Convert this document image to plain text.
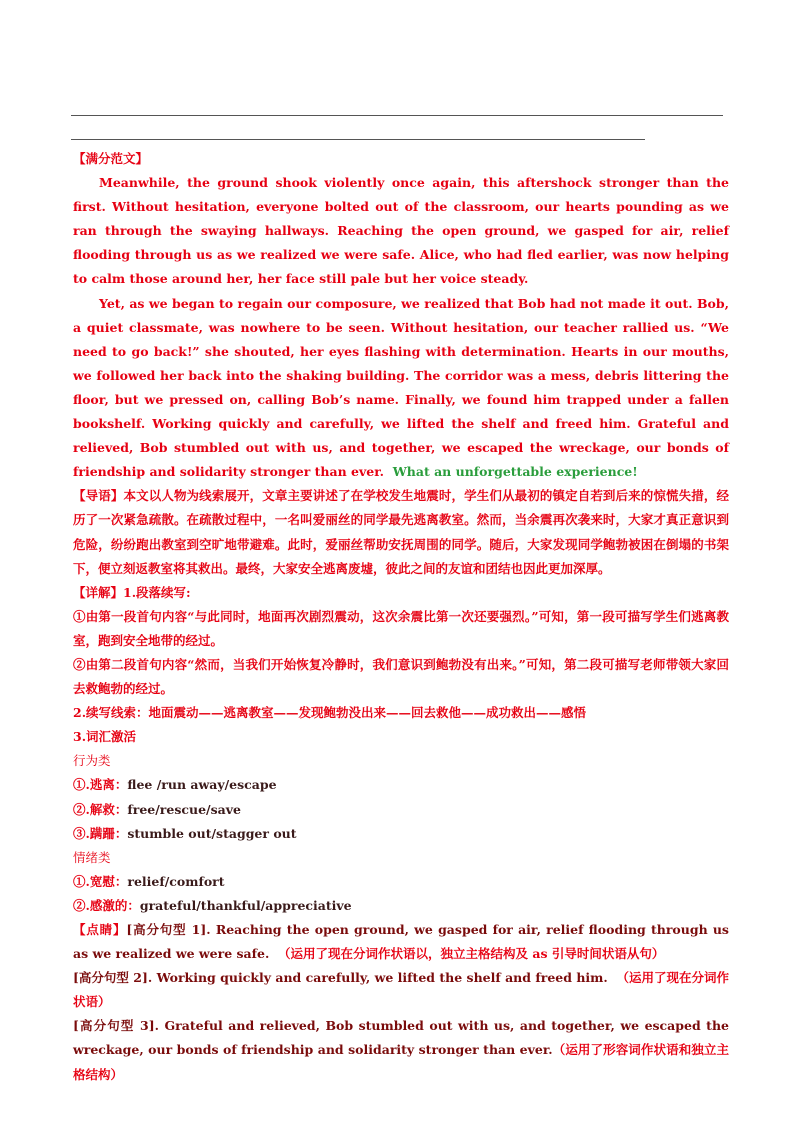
【满分范文】

Meanwhile, the ground shook violently once again, this aftershock stronger than the first. Without hesitation, everyone bolted out of the classroom, our hearts pounding as we ran through the swaying hallways. Reaching the open ground, we gasped for air, relief flooding through us as we realized we were safe. Alice, who had fled earlier, was now helping to calm those around her, her face still pale but her voice steady.

Yet, as we began to regain our composure, we realized that Bob had not made it out. Bob, a quiet classmate, was nowhere to be seen. Without hesitation, our teacher rallied us. “We need to go back!” she shouted, her eyes flashing with determination. Hearts in our mouths, we followed her back into the shaking building. The corridor was a mess, debris littering the floor, but we pressed on, calling Bob’s name. Finally, we found him trapped under a fallen bookshelf. Working quickly and carefully, we lifted the shelf and freed him. Grateful and relieved, Bob stumbled out with us, and together, we escaped the wreckage, our bonds of friendship and solidarity stronger than ever. What an unforgettable experience!

【导语】本文以人物为线索展开，文章主要讲述了在学校发生地震时，学生们从最初的镇定自若到后来的惊慌失措，经历了一次紧急疏散。在疏散过程中，一名叫爱丽丝的同学最先逃离教室。然而，当余震再次袭来时，大家才真正意识到危险，纷纷跑出教室到空旷地带避难。此时，爱丽丝帮助安抚周围的同学。随后，大家发现同学鲍勃被困在倒塌的书架下，便立刻返教室将其救出。最终，大家安全逃离废墟，彼此之间的友谊和团结也因此更加深厚。

【详解】1.段落续写:

①由第一段首句内容“与此同时，地面再次剧烈震动，这次余震比第一次还要强烈。”可知，第一段可描写学生们逃离教室，跑到安全地带的经过。

②由第二段首句内容“然而，当我们开始恢复冷静时，我们意识到鲍勃没有出来。”可知，第二段可描写老师带领大家回去救鲍勃的经过。

2.续写线索：地面震动——逃离教室——发现鲍勃没出来——回去救他——成功救出——感悟
3.词汇激活
行为类
①.逃离：flee /run away/escape
②.解救：free/rescue/save
③.蹒跚：stumble out/stagger out
情绪类
①.宽慰：relief/comfort
②.感激的：grateful/thankful/appreciative

【点睛】[高分句型 1]. Reaching the open ground, we gasped for air, relief flooding through us as we realized we were safe. （运用了现在分词作状语以，独立主格结构及 as 引导时间状语从句）

[高分句型 2]. Working quickly and carefully, we lifted the shelf and freed him. （运用了现在分词作状语）

[高分句型 3]. Grateful and relieved, Bob stumbled out with us, and together, we escaped the wreckage, our bonds of friendship and solidarity stronger than ever.（运用了形容词作状语和独立主格结构）
